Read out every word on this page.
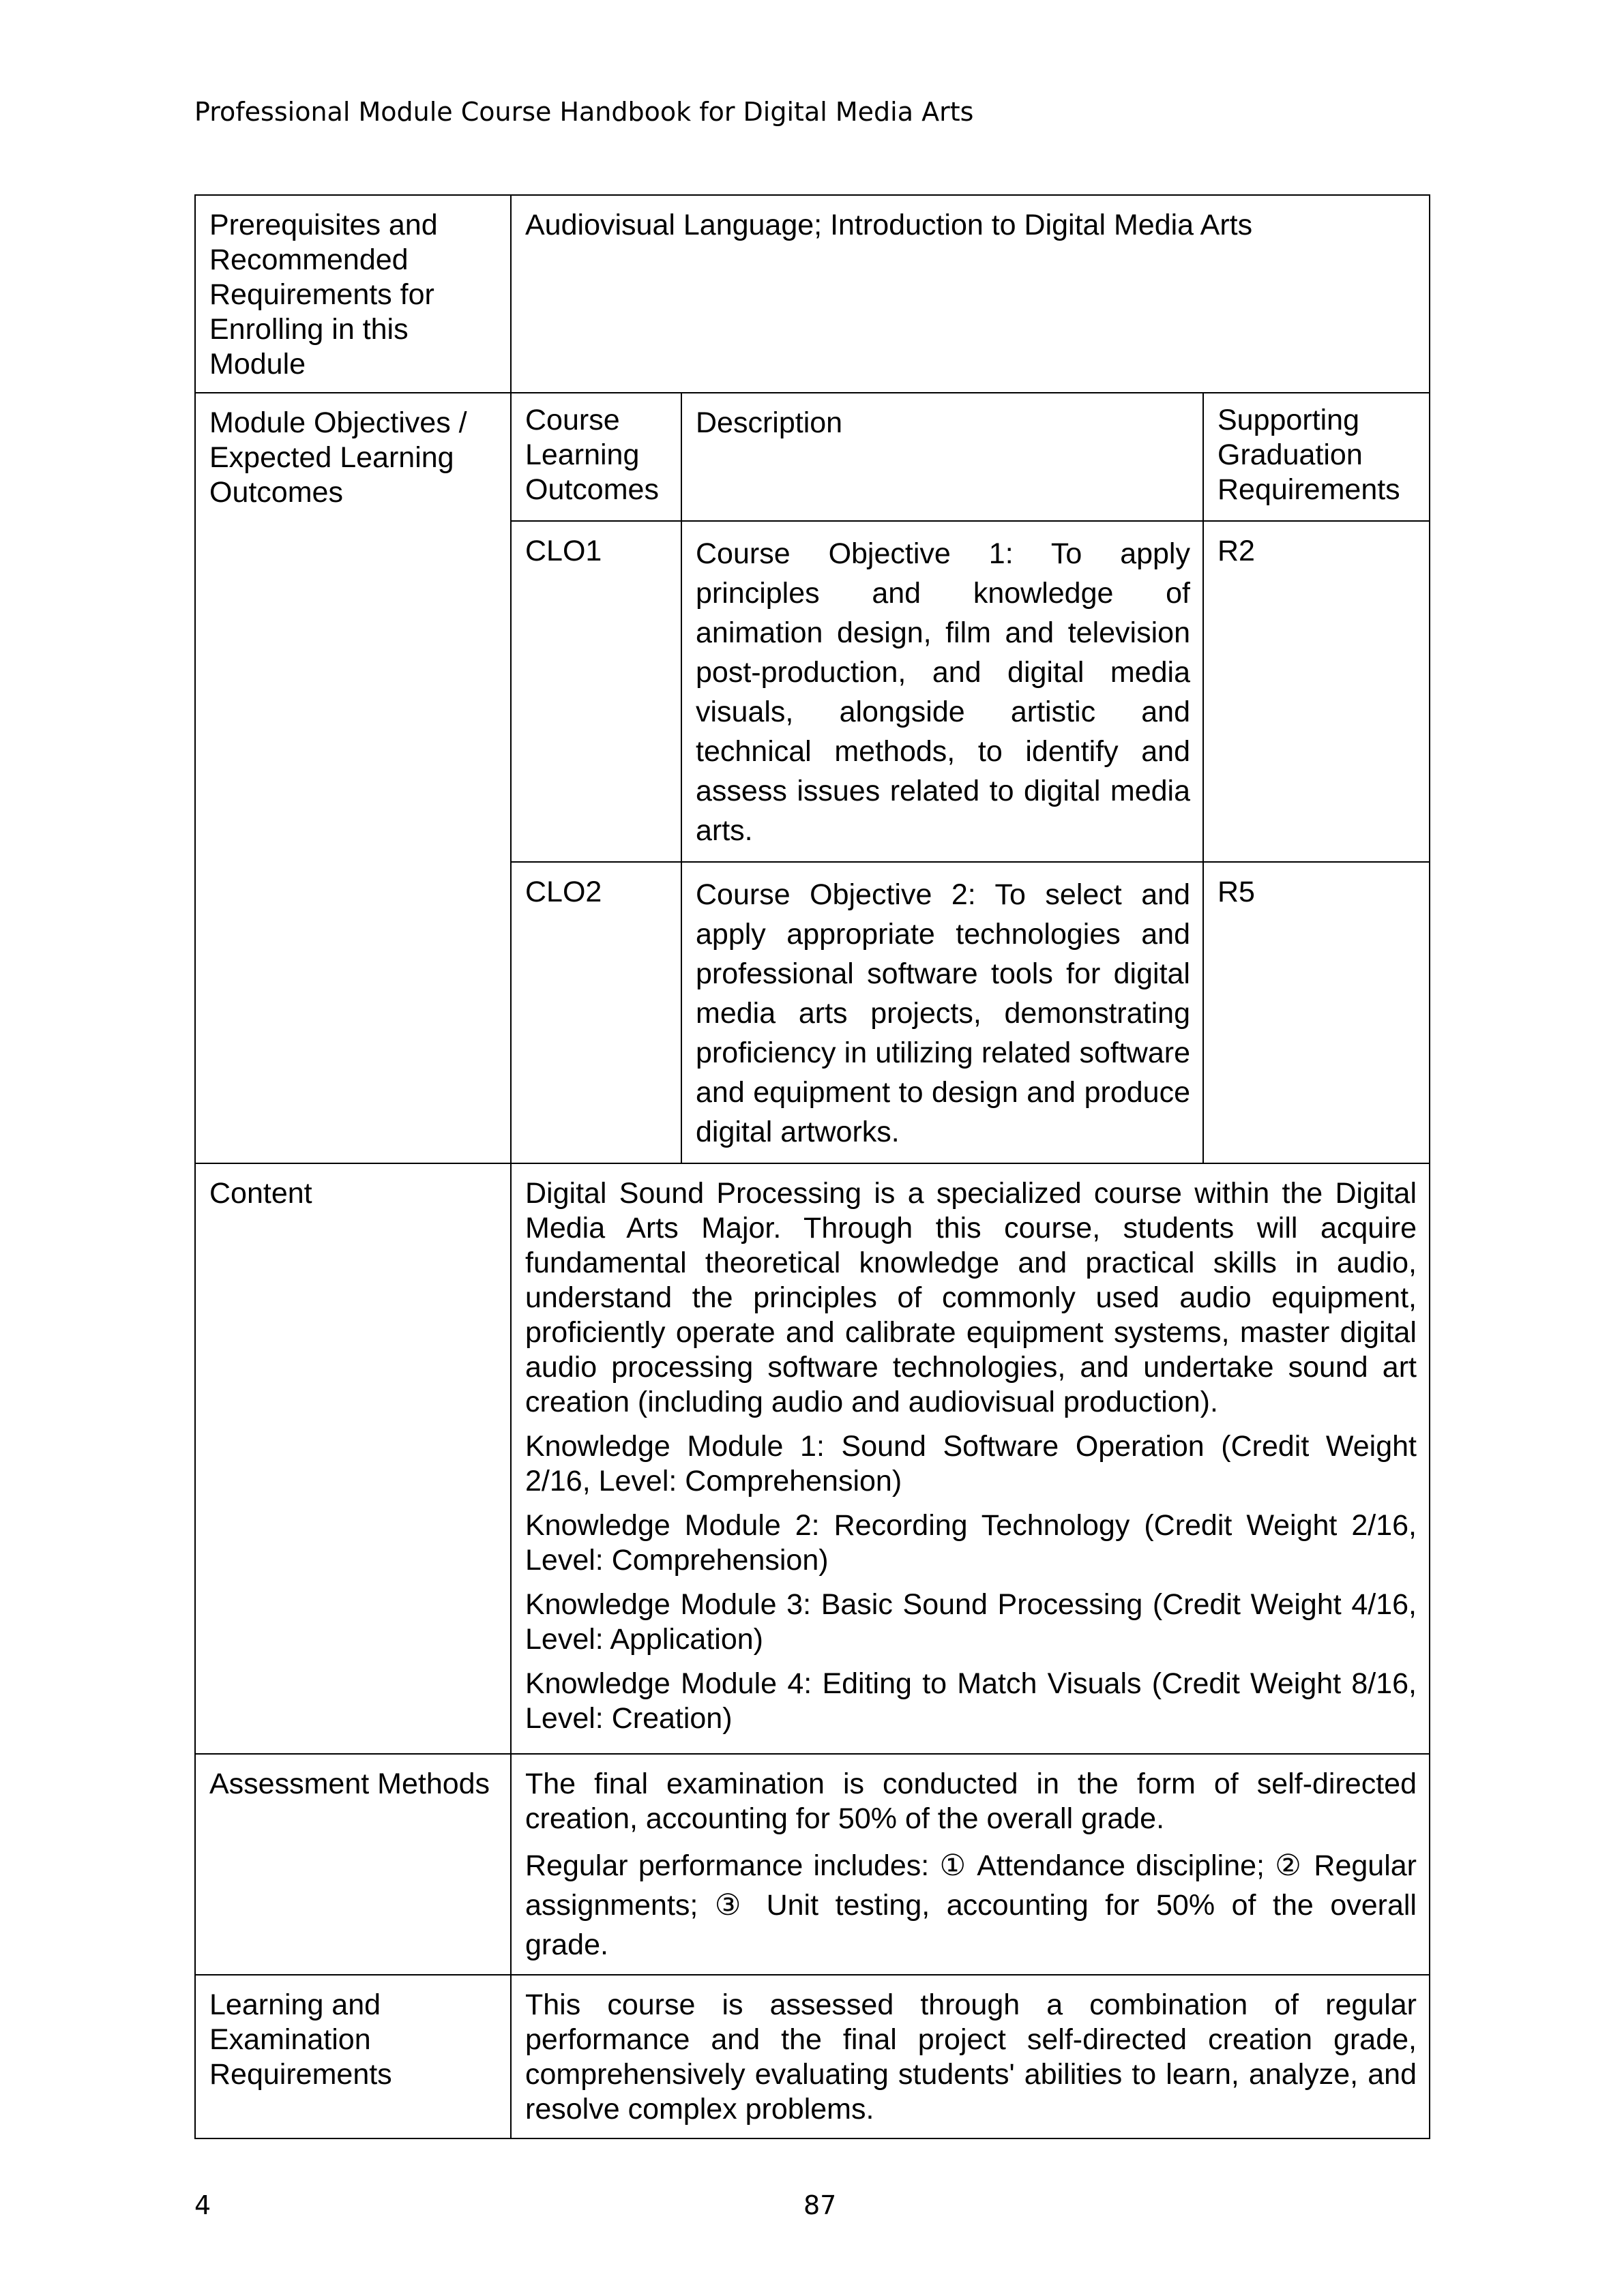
Professional Module Course Handbook for Digital Media Arts
Prerequisites and Recommended Requirements for Enrolling in this Module	Audiovisual Language; Introduction to Digital Media Arts		
Module Objectives / Expected Learning Outcomes	Course Learning Outcomes	Description	Supporting Graduation Requirements
	CLO1	Course Objective 1: To apply principles and knowledge of animation design, film and television post-production, and digital media visuals, alongside artistic and technical methods, to identify and assess issues related to digital media arts.	R2
	CLO2	Course Objective 2: To select and apply appropriate technologies and professional software tools for digital media arts projects, demonstrating proficiency in utilizing related software and equipment to design and produce digital artworks.	R5
Content	Digital Sound Processing is a specialized course within the Digital Media Arts Major. Through this course, students will acquire fundamental theoretical knowledge and practical skills in audio, understand the principles of commonly used audio equipment, proficiently operate and calibrate equipment systems, master digital audio processing software technologies, and undertake sound art creation (including audio and audiovisual production).

Knowledge Module 1: Sound Software Operation (Credit Weight 2/16, Level: Comprehension)

Knowledge Module 2: Recording Technology (Credit Weight 2/16, Level: Comprehension)

Knowledge Module 3: Basic Sound Processing (Credit Weight 4/16, Level: Application)

Knowledge Module 4: Editing to Match Visuals (Credit Weight 8/16, Level: Creation)		

Assessment Methods	The final examination is conducted in the form of self-directed creation, accounting for 50% of the overall grade.

Regular performance includes: ① Attendance discipline; ② Regular assignments; ③ Unit testing, accounting for 50% of the overall grade.		

Learning and Examination Requirements	This course is assessed through a combination of regular performance and the final project self-directed creation grade, comprehensively evaluating students' abilities to learn, analyze, and resolve complex problems.		
4	87
